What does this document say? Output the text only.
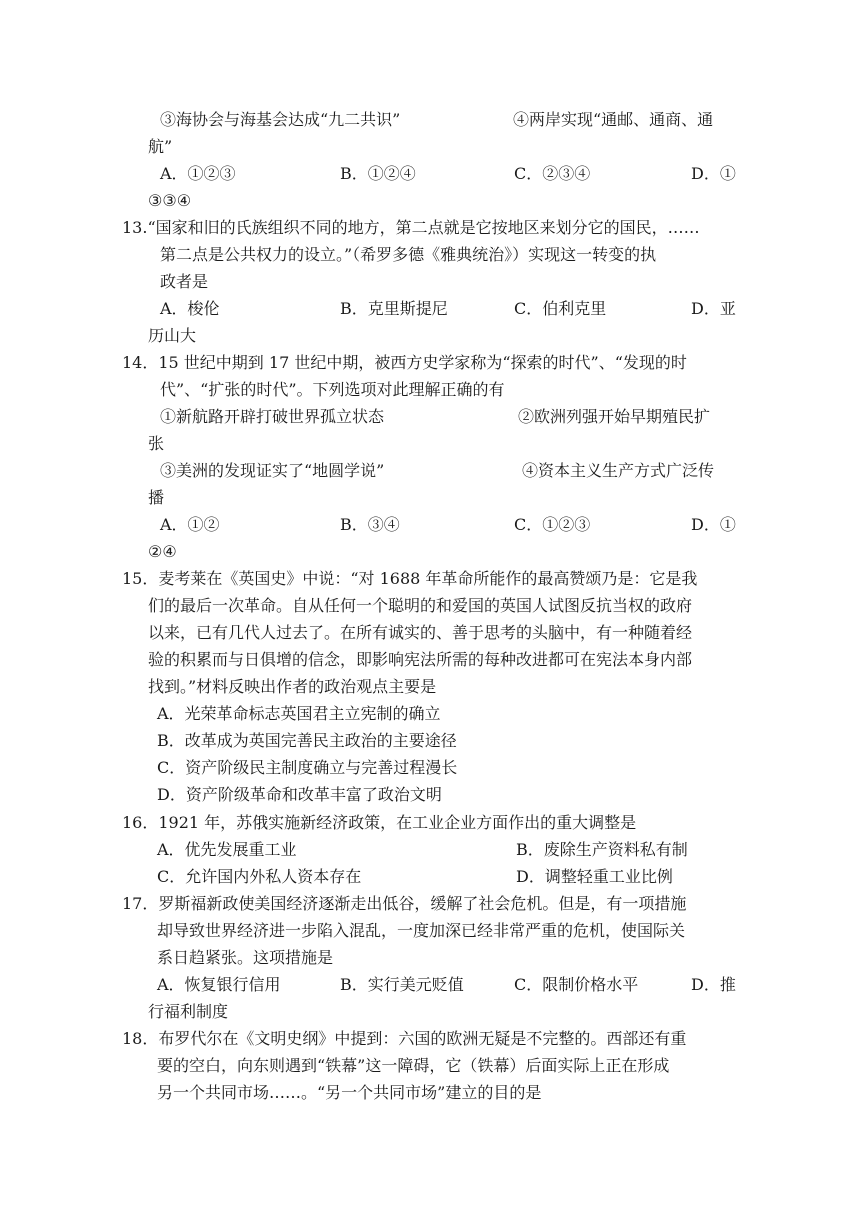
③海协会与海基会达成“九二共识”	④两岸实现“通邮、通商、通
航”
A．①②③	B．①②④	C．②③④	D．①
③③④
13.“国家和旧的氏族组织不同的地方，第二点就是它按地区来划分它的国民，……
第二点是公共权力的设立。”（希罗多德《雅典统治》）实现这一转变的执
政者是
A．梭伦	B．克里斯提尼	C．伯利克里	D．亚
历山大
14．15 世纪中期到 17 世纪中期，被西方史学家称为“探索的时代”、“发现的时
代”、“扩张的时代”。下列选项对此理解正确的有
①新航路开辟打破世界孤立状态	②欧洲列强开始早期殖民扩
张
③美洲的发现证实了“地圆学说”	④资本主义生产方式广泛传
播
A．①②	B．③④	C．①②③	D．①
②④
15．麦考莱在《英国史》中说：“对 1688 年革命所能作的最高赞颂乃是：它是我
们的最后一次革命。自从任何一个聪明的和爱国的英国人试图反抗当权的政府
以来，已有几代人过去了。在所有诚实的、善于思考的头脑中，有一种随着经
验的积累而与日俱增的信念，即影响宪法所需的每种改进都可在宪法本身内部
找到。”材料反映出作者的政治观点主要是
A．光荣革命标志英国君主立宪制的确立
B．改革成为英国完善民主政治的主要途径
C．资产阶级民主制度确立与完善过程漫长
D．资产阶级革命和改革丰富了政治文明
16．1921 年，苏俄实施新经济政策，在工业企业方面作出的重大调整是
A．优先发展重工业	B．废除生产资料私有制
C．允许国内外私人资本存在	D．调整轻重工业比例
17．罗斯福新政使美国经济逐渐走出低谷，缓解了社会危机。但是，有一项措施
却导致世界经济进一步陷入混乱，一度加深已经非常严重的危机，使国际关
系日趋紧张。这项措施是
A．恢复银行信用	B．实行美元贬值	C．限制价格水平	D．推
行福利制度
18．布罗代尔在《文明史纲》中提到：六国的欧洲无疑是不完整的。西部还有重
要的空白，向东则遇到“铁幕”这一障碍，它（铁幕）后面实际上正在形成
另一个共同市场……。“另一个共同市场”建立的目的是
